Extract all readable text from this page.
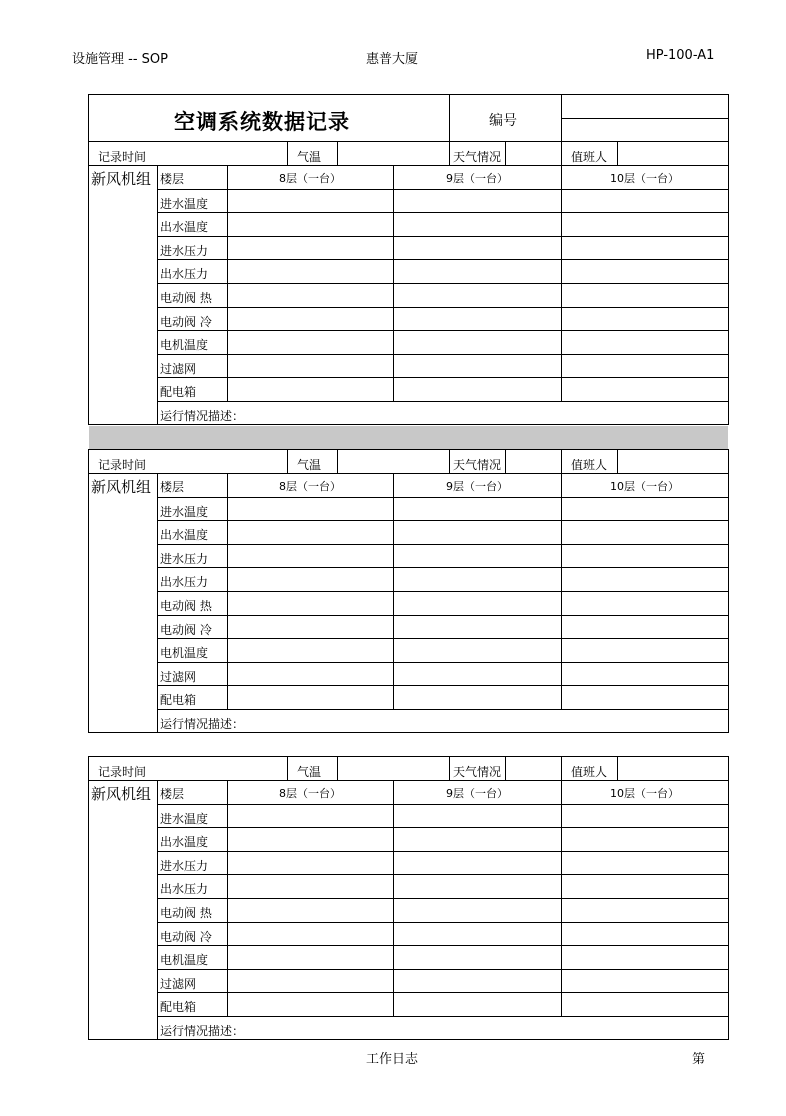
设施管理 -- SOP	惠普大厦	HP-100-A1
空调系统数据记录	编号
记录时间	气温	天气情况	值班人
新风机组 楼层	8层（一台）	9层（一台）	10层（一台）
进水温度
出水温度
进水压力
出水压力
电动阀 热
电动阀 冷
电机温度
过滤网
配电箱
运行情况描述：
记录时间	气温	天气情况	值班人
新风机组 楼层	8层（一台）	9层（一台）	10层（一台）
进水温度
出水温度
进水压力
出水压力
电动阀 热
电动阀 冷
电机温度
过滤网
配电箱
运行情况描述：
记录时间	气温	天气情况	值班人
新风机组 楼层	8层（一台）	9层（一台）	10层（一台）
进水温度
出水温度
进水压力
出水压力
电动阀 热
电动阀 冷
电机温度
过滤网
配电箱
运行情况描述：
工作日志	第
